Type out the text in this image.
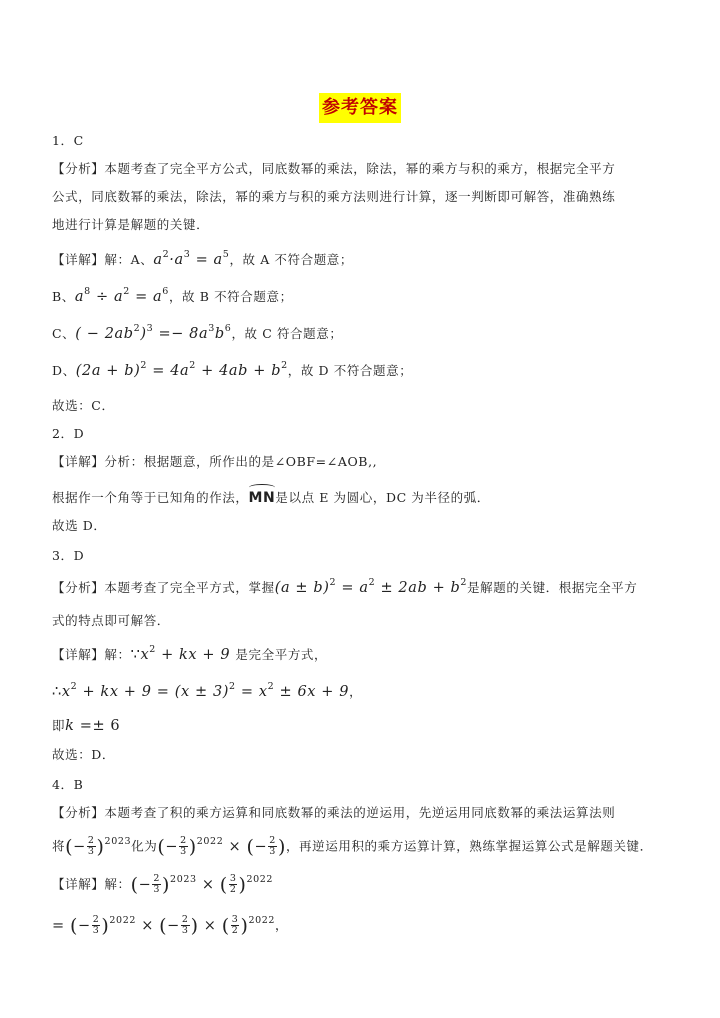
参考答案
1．C
【分析】本题考查了完全平方公式，同底数幂的乘法，除法，幂的乘方与积的乘方，根据完全平方
公式，同底数幂的乘法，除法，幂的乘方与积的乘方法则进行计算，逐一判断即可解答，准确熟练
地进行计算是解题的关键．
【详解】解：A、$a^2\cdot a^3 = a^5$，故 A 不符合题意；
B、$a^8 \div a^2 = a^6$，故 B 不符合题意；
C、( − $2ab^2)^3 =- 8a^3b^6$，故 C 符合题意；
D、$(2a + b)^2 = 4a^2 + 4ab + b^2$，故 D 不符合题意；
故选：C．
2．D
【详解】分析：根据题意，所作出的是∠OBF=∠AOB,,
根据作一个角等于已知角的作法，MN是以点 E 为圆心，DC 为半径的弧．
故选 D．
3．D
【分析】本题考查了完全平方式，掌握$(a \pm b)^2 = a^2 \pm 2ab + b^2$是解题的关键．根据完全平方
式的特点即可解答．
【详解】解：$\because x^2$ + kx + 9 是完全平方式，
$\therefore x^2$ + kx + $9 = (x \pm 3)^2 = x^2 \pm 6x + 9$，
即k =± 6
故选：D．
4．B
【分析】本题考查了积的乘方运算和同底数幂的乘法的逆运用，先逆运用同底数幂的乘法运算法则
将(− $\frac{2}{3} )^{2023}$化为(− $\frac{2}{3} )^{2022}$ × (− $\frac{2}{3}$ )，再逆运用积的乘方运算计算，熟练掌握运算公式是解题关键．
【详解】解：(− $\frac{2}{3} )^{2023}$ × ( $\frac{3}{2} )^{2022}$
= (− $\frac{2}{3} )^{2022}$ × (− $\frac{2}{3}$ ) × ( $\frac{3}{2} )^{2022}$，
